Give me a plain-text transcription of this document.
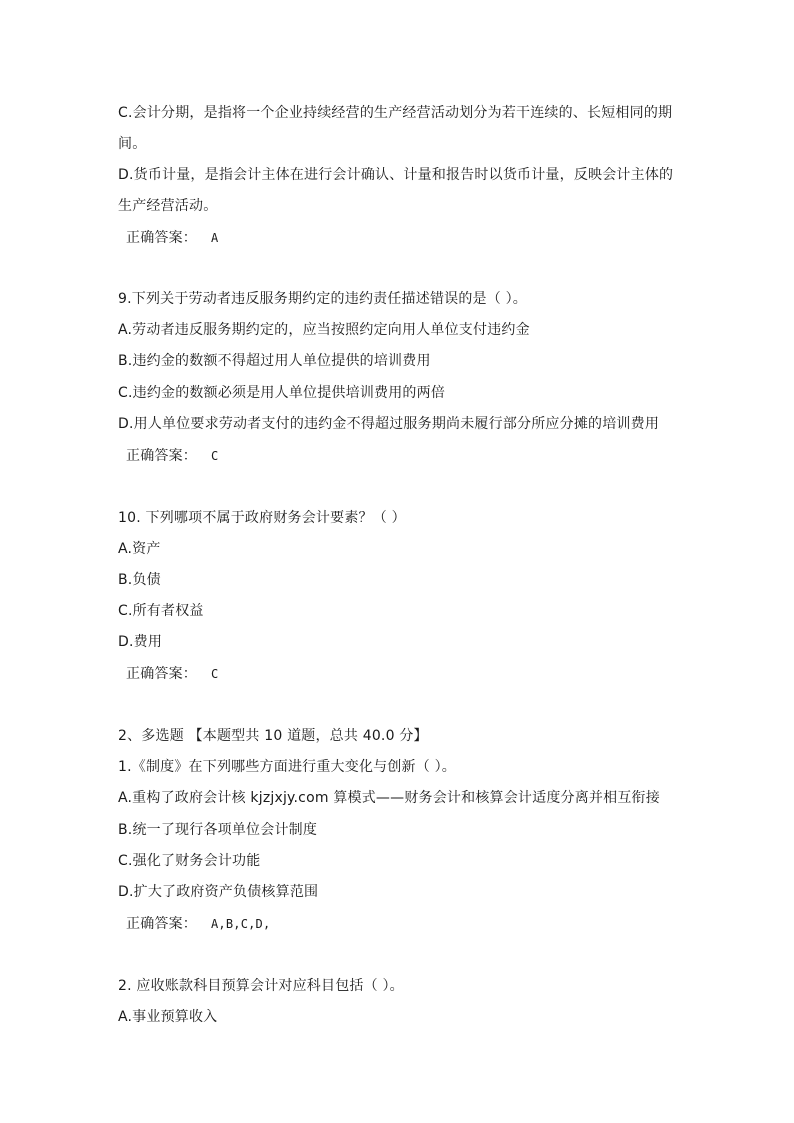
C.会计分期，是指将一个企业持续经营的生产经营活动划分为若干连续的、长短相同的期
间。
D.货币计量，是指会计主体在进行会计确认、计量和报告时以货币计量，反映会计主体的
生产经营活动。
正确答案： A
9.下列关于劳动者违反服务期约定的违约责任描述错误的是（ ）。
A.劳动者违反服务期约定的，应当按照约定向用人单位支付违约金
B.违约金的数额不得超过用人单位提供的培训费用
C.违约金的数额必须是用人单位提供培训费用的两倍
D.用人单位要求劳动者支付的违约金不得超过服务期尚未履行部分所应分摊的培训费用
正确答案： C
10. 下列哪项不属于政府财务会计要素？（ ）
A.资产
B.负债
C.所有者权益
D.费用
正确答案： C
2、多选题 【本题型共 10 道题，总共 40.0 分】
1.《制度》在下列哪些方面进行重大变化与创新（ ）。
A.重构了政府会计核 kjzjxjy.com 算模式——财务会计和核算会计适度分离并相互衔接
B.统一了现行各项单位会计制度
C.强化了财务会计功能
D.扩大了政府资产负债核算范围
正确答案： A,B,C,D,
2. 应收账款科目预算会计对应科目包括（ ）。
A.事业预算收入
